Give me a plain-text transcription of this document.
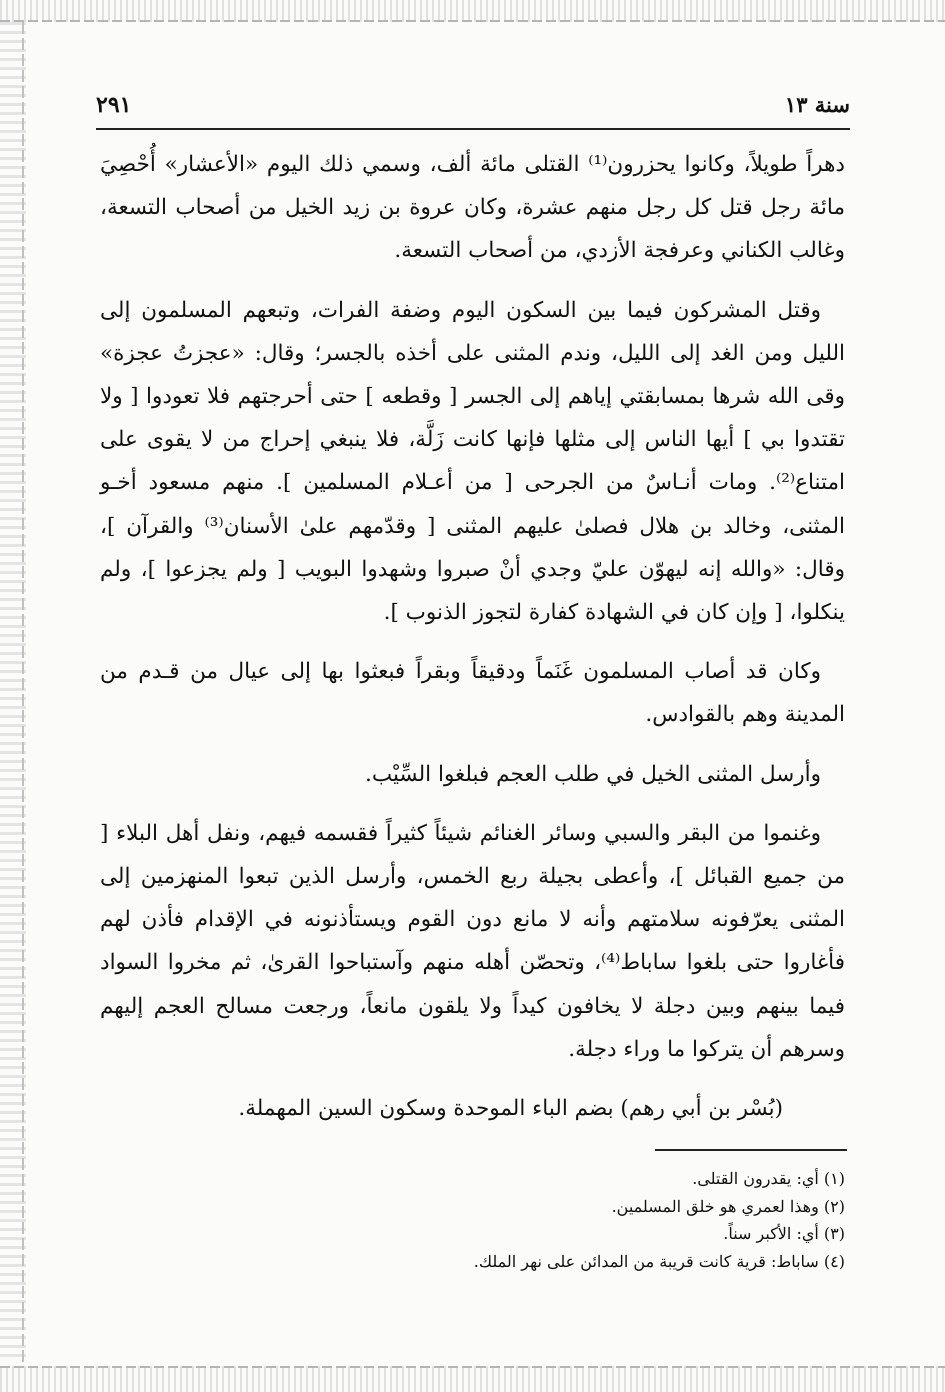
٢٩١	سنة ١٣

دهراً طويلاً، وكانوا يحزرون⁽¹⁾ القتلى مائة ألف، وسمي ذلك اليوم «الأعشار» أُحْصِيَ مائة رجل قتل كل رجل منهم عشرة، وكان عروة بن زيد الخيل من أصحاب التسعة، وغالب الكناني وعرفجة الأزدي، من أصحاب التسعة.

وقتل المشركون فيما بين السكون اليوم وضفة الفرات، وتبعهم المسلمون إلى الليل ومن الغد إلى الليل، وندم المثنى على أخذه بالجسر؛ وقال: «عجزتُ عجزة» وقى الله شرها بمسابقتي إياهم إلى الجسر [ وقطعه ] حتى أحرجتهم فلا تعودوا [ ولا تقتدوا بي ] أيها الناس إلى مثلها فإنها كانت زَلَّة، فلا ينبغي إحراج من لا يقوى على امتناع⁽²⁾. ومات أنـاسٌ من الجرحى [ من أعـلام المسلمين ]. منهم مسعود أخـو المثنى، وخالد بن هلال فصلىٰ عليهم المثنى [ وقدّمهم علىٰ الأسنان⁽³⁾ والقرآن ]، وقال: «والله إنه ليهوّن عليّ وجدي أنْ صبروا وشهدوا البويب [ ولم يجزعوا ]، ولم ينكلوا، [ وإن كان في الشهادة كفارة لتجوز الذنوب ].

وكان قد أصاب المسلمون غَنَماً ودقيقاً وبقراً فبعثوا بها إلى عيال من قـدم من المدينة وهم بالقوادس.

وأرسل المثنى الخيل في طلب العجم فبلغوا السِّيْب.

وغنموا من البقر والسبي وسائر الغنائم شيئاً كثيراً فقسمه فيهم، ونفل أهل البلاء [ من جميع القبائل ]، وأعطى بجيلة ربع الخمس، وأرسل الذين تبعوا المنهزمين إلى المثنى يعرّفونه سلامتهم وأنه لا مانع دون القوم ويستأذنونه في الإقدام فأذن لهم فأغاروا حتى بلغوا ساباط⁽⁴⁾، وتحصّن أهله منهم وآستباحوا القرىٰ، ثم مخروا السواد فيما بينهم وبين دجلة لا يخافون كيداً ولا يلقون مانعاً، ورجعت مسالح العجم إليهم وسرهم أن يتركوا ما وراء دجلة.

(بُسْر بن أبي رهم) بضم الباء الموحدة وسكون السين المهملة.

(١) أي: يقدرون القتلى.

(٢) وهذا لعمري هو خلق المسلمين.

(٣) أي: الأكبر سناً.

(٤) ساباط: قرية كانت قريبة من المدائن على نهر الملك.
